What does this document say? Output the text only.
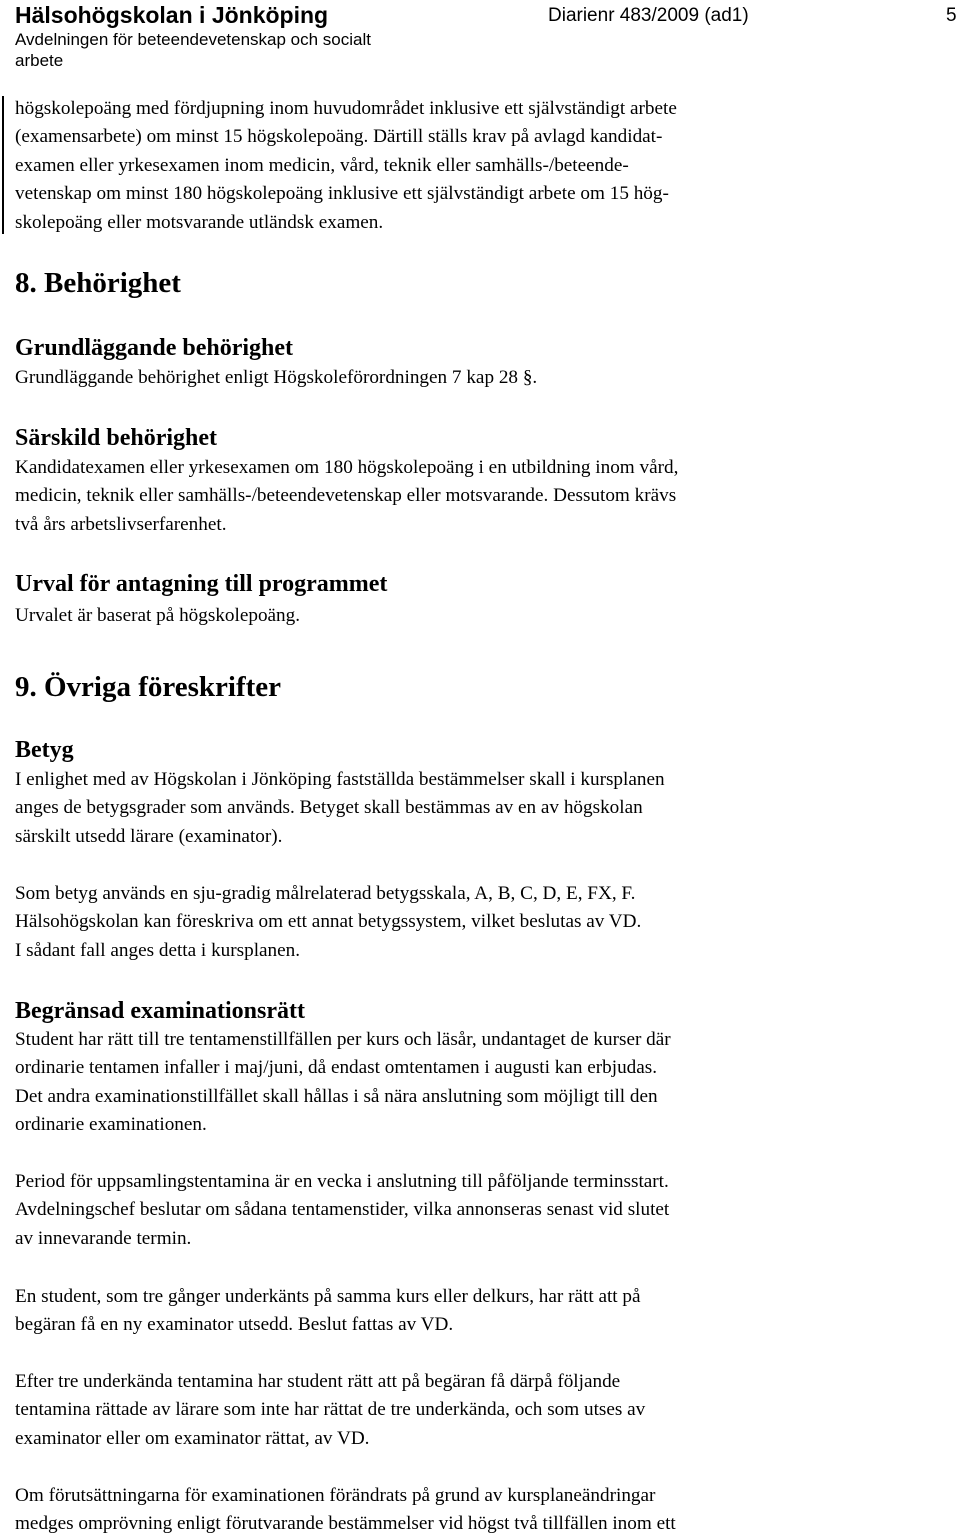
Hälsohögskolan i Jönköping
Avdelningen för beteendevetenskap och socialt arbete
Diarienr 483/2009 (ad1)	5
högskolepoäng med fördjupning inom huvudområdet inklusive ett självständigt arbete
(examensarbete) om minst 15 högskolepoäng. Därtill ställs krav på avlagd kandidat-
examen eller yrkesexamen inom medicin, vård, teknik eller samhälls-/beteende-
vetenskap om minst 180 högskolepoäng inklusive ett självständigt arbete om 15 hög-
skolepoäng eller motsvarande utländsk examen.
8. Behörighet
Grundläggande behörighet
Grundläggande behörighet enligt Högskoleförordningen 7 kap 28 §.
Särskild behörighet
Kandidatexamen eller yrkesexamen om 180 högskolepoäng i en utbildning inom vård,
medicin, teknik eller samhälls-/beteendevetenskap eller motsvarande. Dessutom krävs
två års arbetslivserfarenhet.
Urval för antagning till programmet
Urvalet är baserat på högskolepoäng.
9. Övriga föreskrifter
Betyg
I enlighet med av Högskolan i Jönköping fastställda bestämmelser skall i kursplanen
anges de betygsgrader som används. Betyget skall bestämmas av en av högskolan
särskilt utsedd lärare (examinator).
Som betyg används en sju-gradig målrelaterad betygsskala, A, B, C, D, E, FX, F.
Hälsohögskolan kan föreskriva om ett annat betygssystem, vilket beslutas av VD.
I sådant fall anges detta i kursplanen.
Begränsad examinationsrätt
Student har rätt till tre tentamenstillfällen per kurs och läsår, undantaget de kurser där
ordinarie tentamen infaller i maj/juni, då endast omtentamen i augusti kan erbjudas.
Det andra examinationstillfället skall hållas i så nära anslutning som möjligt till den
ordinarie examinationen.
Period för uppsamlingstentamina är en vecka i anslutning till påföljande terminsstart.
Avdelningschef beslutar om sådana tentamenstider, vilka annonseras senast vid slutet
av innevarande termin.
En student, som tre gånger underkänts på samma kurs eller delkurs, har rätt att på
begäran få en ny examinator utsedd. Beslut fattas av VD.
Efter tre underkända tentamina har student rätt att på begäran få därpå följande
tentamina rättade av lärare som inte har rättat de tre underkända, och som utses av
examinator eller om examinator rättat, av VD.
Om förutsättningarna för examinationen förändrats på grund av kursplaneändringar
medges omprövning enligt förutvarande bestämmelser vid högst två tillfällen inom ett
